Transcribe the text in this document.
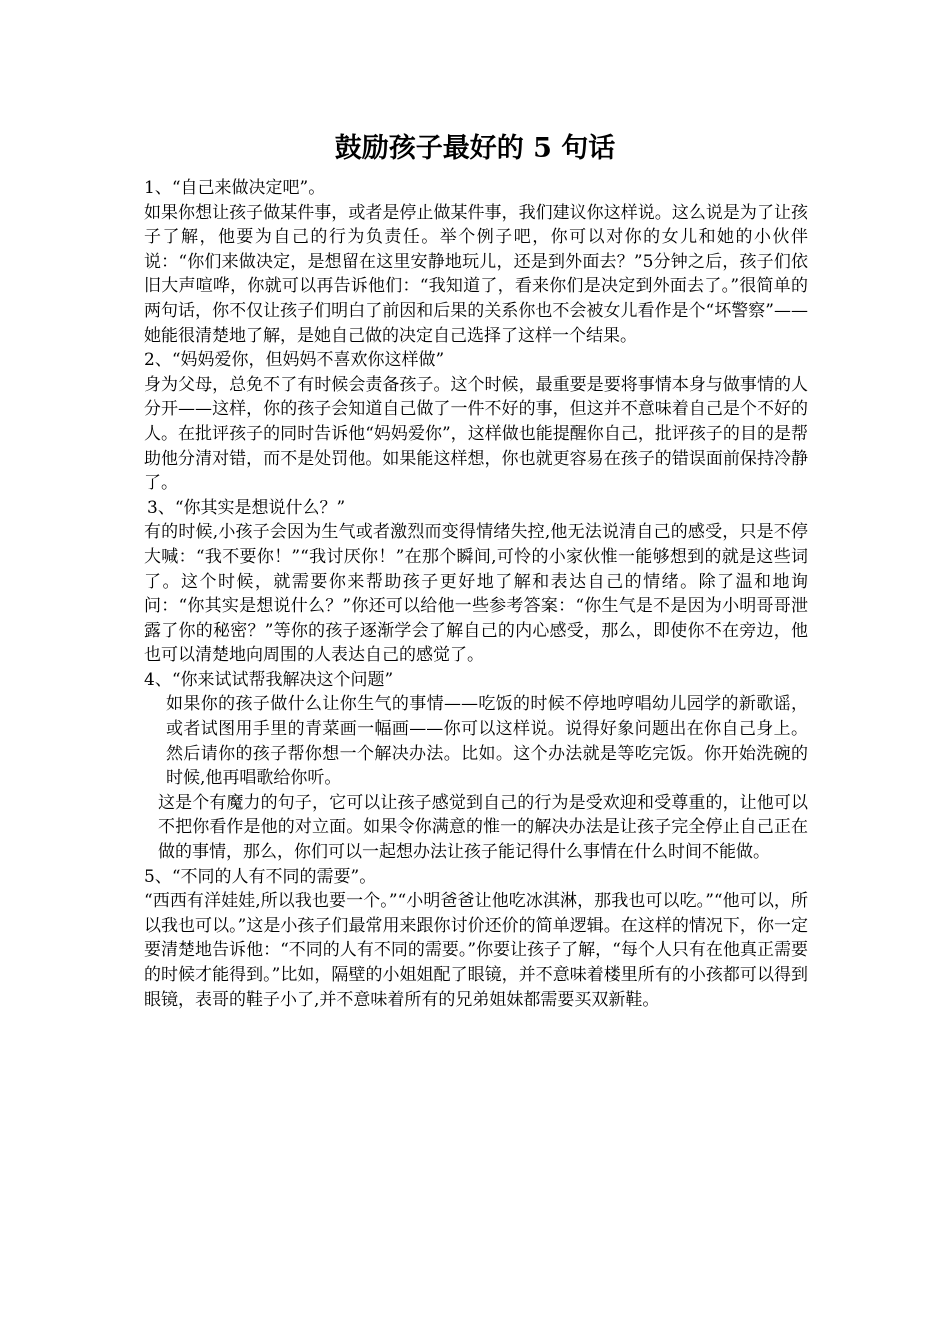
鼓励孩子最好的 5 句话

1、“自己来做决定吧”。

如果你想让孩子做某件事，或者是停止做某件事，我们建议你这样说。这么说是为了让孩子了解，他要为自己的行为负责任。举个例子吧，你可以对你的女儿和她的小伙伴说：“你们来做决定，是想留在这里安静地玩儿，还是到外面去？”5分钟之后，孩子们依旧大声喧哗，你就可以再告诉他们：“我知道了，看来你们是决定到外面去了。”很简单的两句话，你不仅让孩子们明白了前因和后果的关系你也不会被女儿看作是个“坏警察”——她能很清楚地了解，是她自己做的决定自己选择了这样一个结果。

2、“妈妈爱你，但妈妈不喜欢你这样做”

身为父母，总免不了有时候会责备孩子。这个时候，最重要是要将事情本身与做事情的人分开——这样，你的孩子会知道自己做了一件不好的事，但这并不意味着自己是个不好的人。在批评孩子的同时告诉他“妈妈爱你”，这样做也能提醒你自己，批评孩子的目的是帮助他分清对错，而不是处罚他。如果能这样想，你也就更容易在孩子的错误面前保持冷静了。

3、“你其实是想说什么？”

有的时候,小孩子会因为生气或者激烈而变得情绪失控,他无法说清自己的感受，只是不停大喊：“我不要你！”“我讨厌你！”在那个瞬间,可怜的小家伙惟一能够想到的就是这些词了。这个时候，就需要你来帮助孩子更好地了解和表达自己的情绪。除了温和地询问：“你其实是想说什么？”你还可以给他一些参考答案：“你生气是不是因为小明哥哥泄露了你的秘密？”等你的孩子逐渐学会了解自己的内心感受，那么，即使你不在旁边，他也可以清楚地向周围的人表达自己的感觉了。

4、“你来试试帮我解决这个问题”

如果你的孩子做什么让你生气的事情——吃饭的时候不停地哼唱幼儿园学的新歌谣，或者试图用手里的青菜画一幅画——你可以这样说。说得好象问题出在你自己身上。然后请你的孩子帮你想一个解决办法。比如。这个办法就是等吃完饭。你开始洗碗的时候,他再唱歌给你听。

这是个有魔力的句子，它可以让孩子感觉到自己的行为是受欢迎和受尊重的，让他可以不把你看作是他的对立面。如果令你满意的惟一的解决办法是让孩子完全停止自己正在做的事情，那么，你们可以一起想办法让孩子能记得什么事情在什么时间不能做。

5、“不同的人有不同的需要”。

“西西有洋娃娃,所以我也要一个。”“小明爸爸让他吃冰淇淋，那我也可以吃。”“他可以，所以我也可以。”这是小孩子们最常用来跟你讨价还价的简单逻辑。在这样的情况下，你一定要清楚地告诉他：“不同的人有不同的需要。”你要让孩子了解，“每个人只有在他真正需要的时候才能得到。”比如，隔壁的小姐姐配了眼镜，并不意味着楼里所有的小孩都可以得到眼镜，表哥的鞋子小了,并不意味着所有的兄弟姐妹都需要买双新鞋。
